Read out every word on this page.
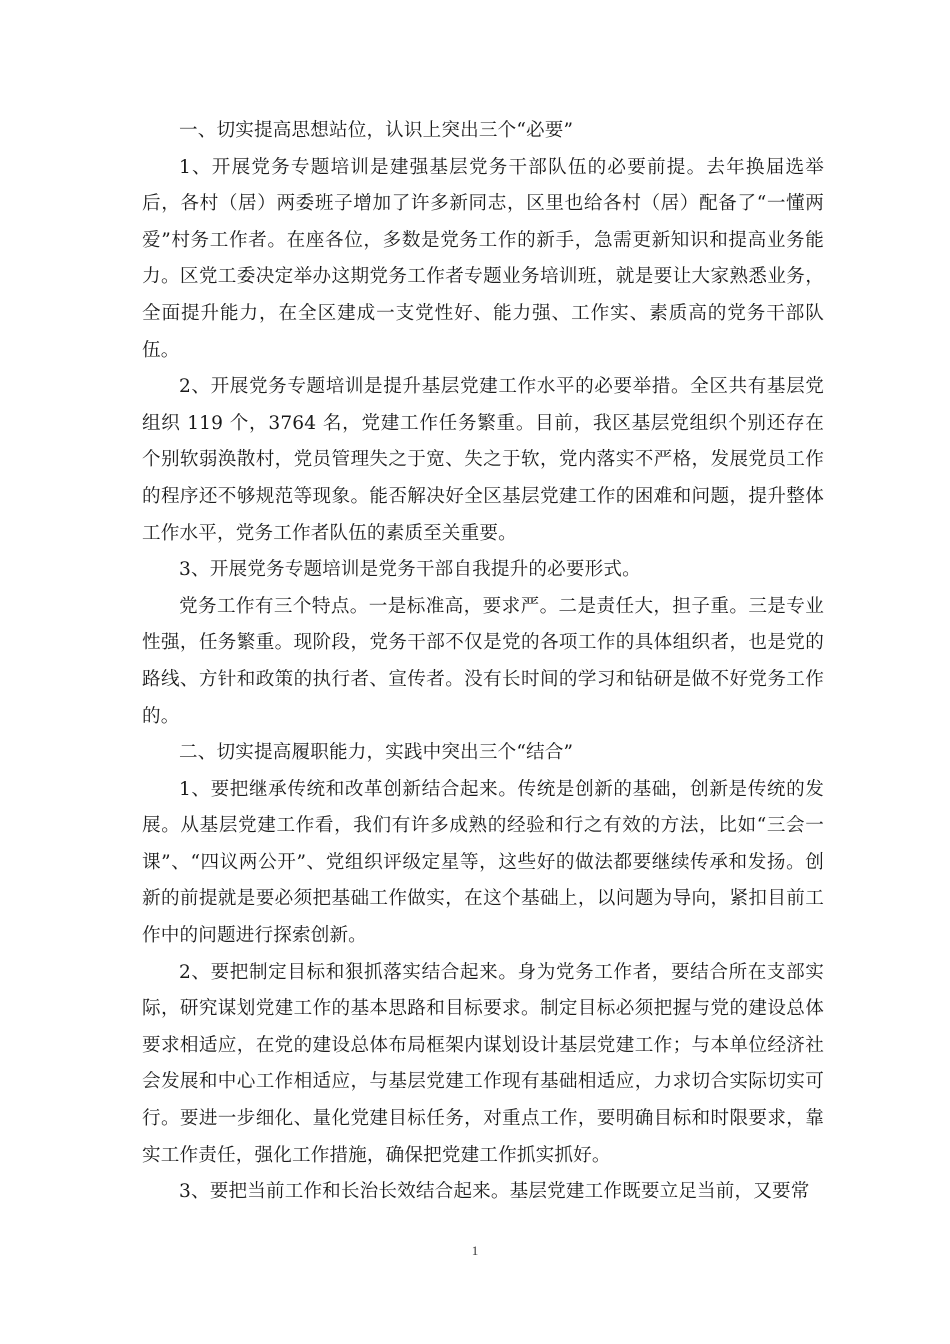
一、切实提高思想站位，认识上突出三个“必要”

1、开展党务专题培训是建强基层党务干部队伍的必要前提。去年换届选举后，各村（居）两委班子增加了许多新同志，区里也给各村（居）配备了“一懂两爱”村务工作者。在座各位，多数是党务工作的新手，急需更新知识和提高业务能力。区党工委决定举办这期党务工作者专题业务培训班，就是要让大家熟悉业务，全面提升能力，在全区建成一支党性好、能力强、工作实、素质高的党务干部队伍。

2、开展党务专题培训是提升基层党建工作水平的必要举措。全区共有基层党组织 119 个，3764 名，党建工作任务繁重。目前，我区基层党组织个别还存在个别软弱涣散村，党员管理失之于宽、失之于软，党内落实不严格，发展党员工作的程序还不够规范等现象。能否解决好全区基层党建工作的困难和问题，提升整体工作水平，党务工作者队伍的素质至关重要。

3、开展党务专题培训是党务干部自我提升的必要形式。

党务工作有三个特点。一是标准高，要求严。二是责任大，担子重。三是专业性强，任务繁重。现阶段，党务干部不仅是党的各项工作的具体组织者，也是党的路线、方针和政策的执行者、宣传者。没有长时间的学习和钻研是做不好党务工作的。

二、切实提高履职能力，实践中突出三个“结合”

1、要把继承传统和改革创新结合起来。传统是创新的基础，创新是传统的发展。从基层党建工作看，我们有许多成熟的经验和行之有效的方法，比如“三会一课”、“四议两公开”、党组织评级定星等，这些好的做法都要继续传承和发扬。创新的前提就是要必须把基础工作做实，在这个基础上，以问题为导向，紧扣目前工作中的问题进行探索创新。

2、要把制定目标和狠抓落实结合起来。身为党务工作者，要结合所在支部实际，研究谋划党建工作的基本思路和目标要求。制定目标必须把握与党的建设总体要求相适应，在党的建设总体布局框架内谋划设计基层党建工作；与本单位经济社会发展和中心工作相适应，与基层党建工作现有基础相适应，力求切合实际切实可行。要进一步细化、量化党建目标任务，对重点工作，要明确目标和时限要求，靠实工作责任，强化工作措施，确保把党建工作抓实抓好。

3、要把当前工作和长治长效结合起来。基层党建工作既要立足当前，又要常

1
